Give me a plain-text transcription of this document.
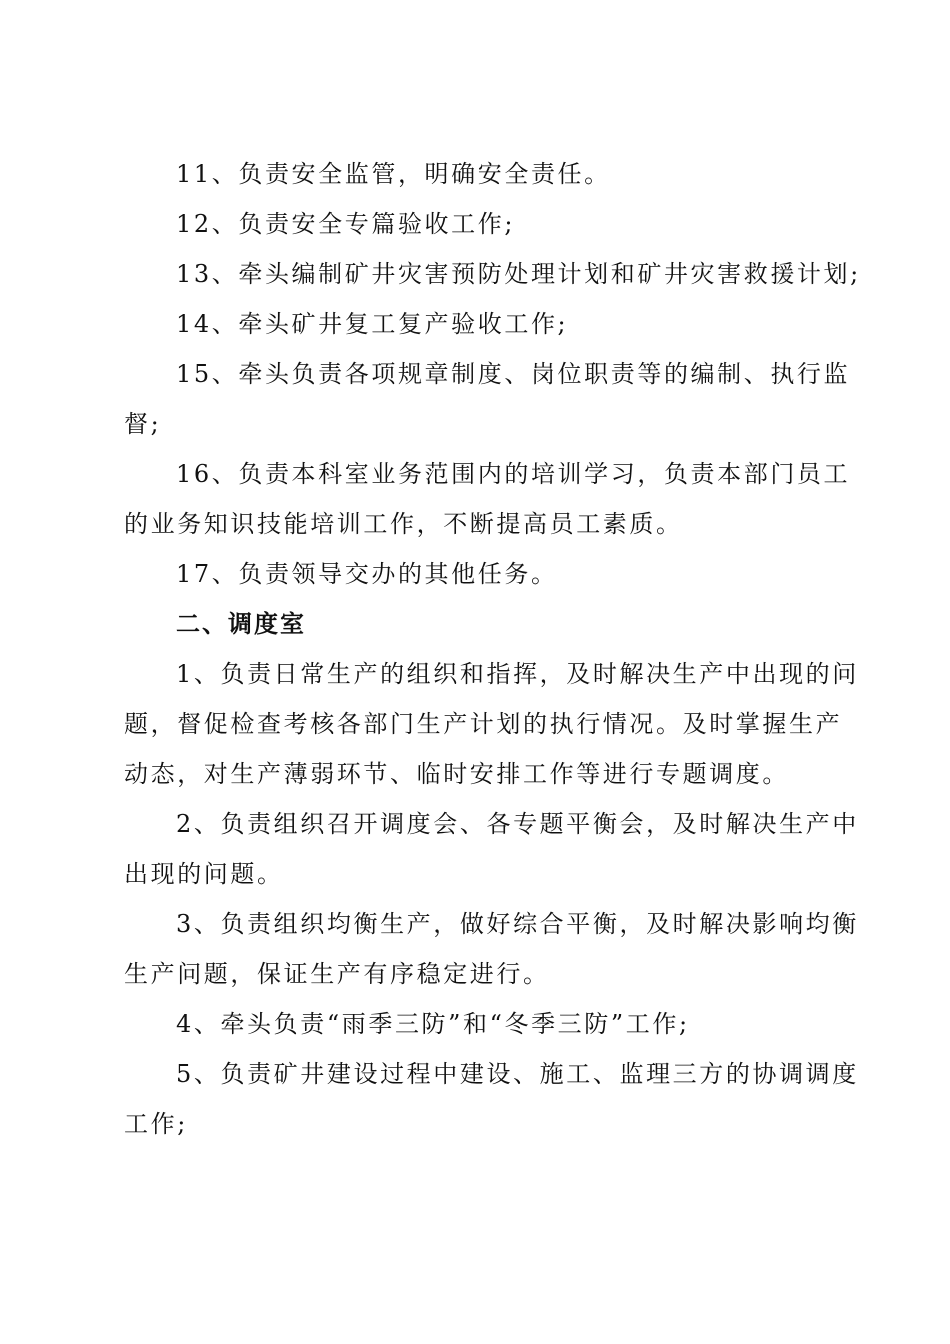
11、负责安全监管，明确安全责任。
12、负责安全专篇验收工作;
13、牵头编制矿井灾害预防处理计划和矿井灾害救援计划;
14、牵头矿井复工复产验收工作;
15、牵头负责各项规章制度、岗位职责等的编制、执行监
督;
16、负责本科室业务范围内的培训学习，负责本部门员工
的业务知识技能培训工作，不断提高员工素质。
17、负责领导交办的其他任务。
二、调度室
1、负责日常生产的组织和指挥，及时解决生产中出现的问
题，督促检查考核各部门生产计划的执行情况。及时掌握生产
动态，对生产薄弱环节、临时安排工作等进行专题调度。
2、负责组织召开调度会、各专题平衡会，及时解决生产中
出现的问题。
3、负责组织均衡生产，做好综合平衡，及时解决影响均衡
生产问题，保证生产有序稳定进行。
4、牵头负责“雨季三防”和“冬季三防”工作;
5、负责矿井建设过程中建设、施工、监理三方的协调调度
工作;
